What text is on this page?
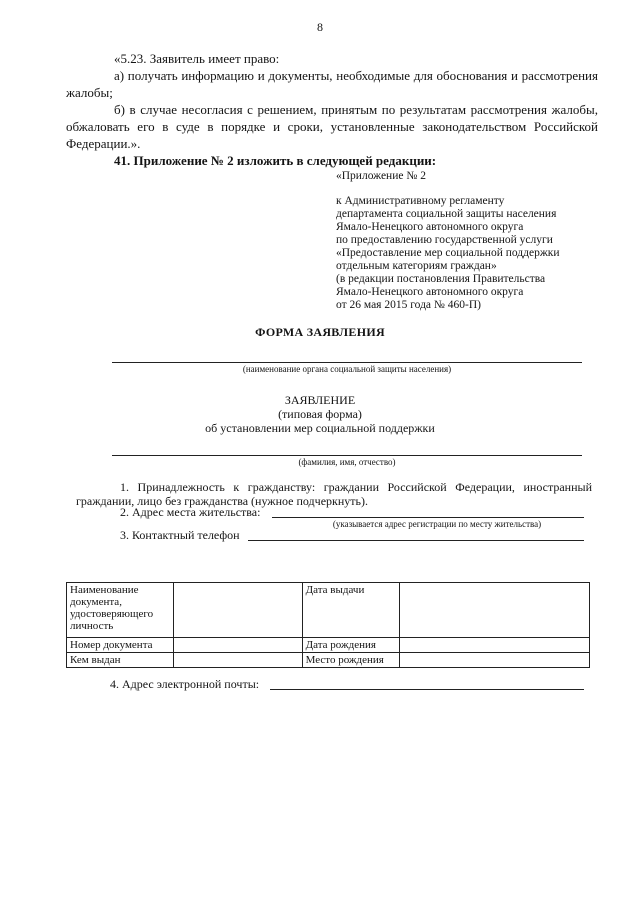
8

«5.23. Заявитель имеет право:

а) получать информацию и документы, необходимые для обоснования и рассмотрения жалобы;

б) в случае несогласия с решением, принятым по результатам рассмотрения жалобы, обжаловать его в суде в порядке и сроки, установленные законодательством Российской Федерации.».

41. Приложение № 2 изложить в следующей редакции:

«Приложение № 2

к Административному регламенту

департамента социальной защиты населения

Ямало-Ненецкого автономного округа

по предоставлению государственной услуги

«Предоставление мер социальной поддержки

отдельным категориям граждан»

(в редакции постановления Правительства

Ямало-Ненецкого автономного округа

от 26 мая 2015 года № 460-П)

ФОРМА ЗАЯВЛЕНИЯ
(наименование органа социальной защиты населения)
ЗАЯВЛЕНИЕ
(типовая форма)
об установлении мер социальной поддержки
(фамилия, имя, отчество)
1. Принадлежность к гражданству: граждании Российской Федерации, иностранный граждании, лицо без гражданства (нужное подчеркнуть).
2. Адрес места жительства:
(указывается адрес регистрации по месту жительства)
3. Контактный телефон
Наименование документа, удостоверяющего личность		Дата выдачи	
Номер документа		Дата рождения	
Кем выдан		Место рождения	
4. Адрес электронной почты:
